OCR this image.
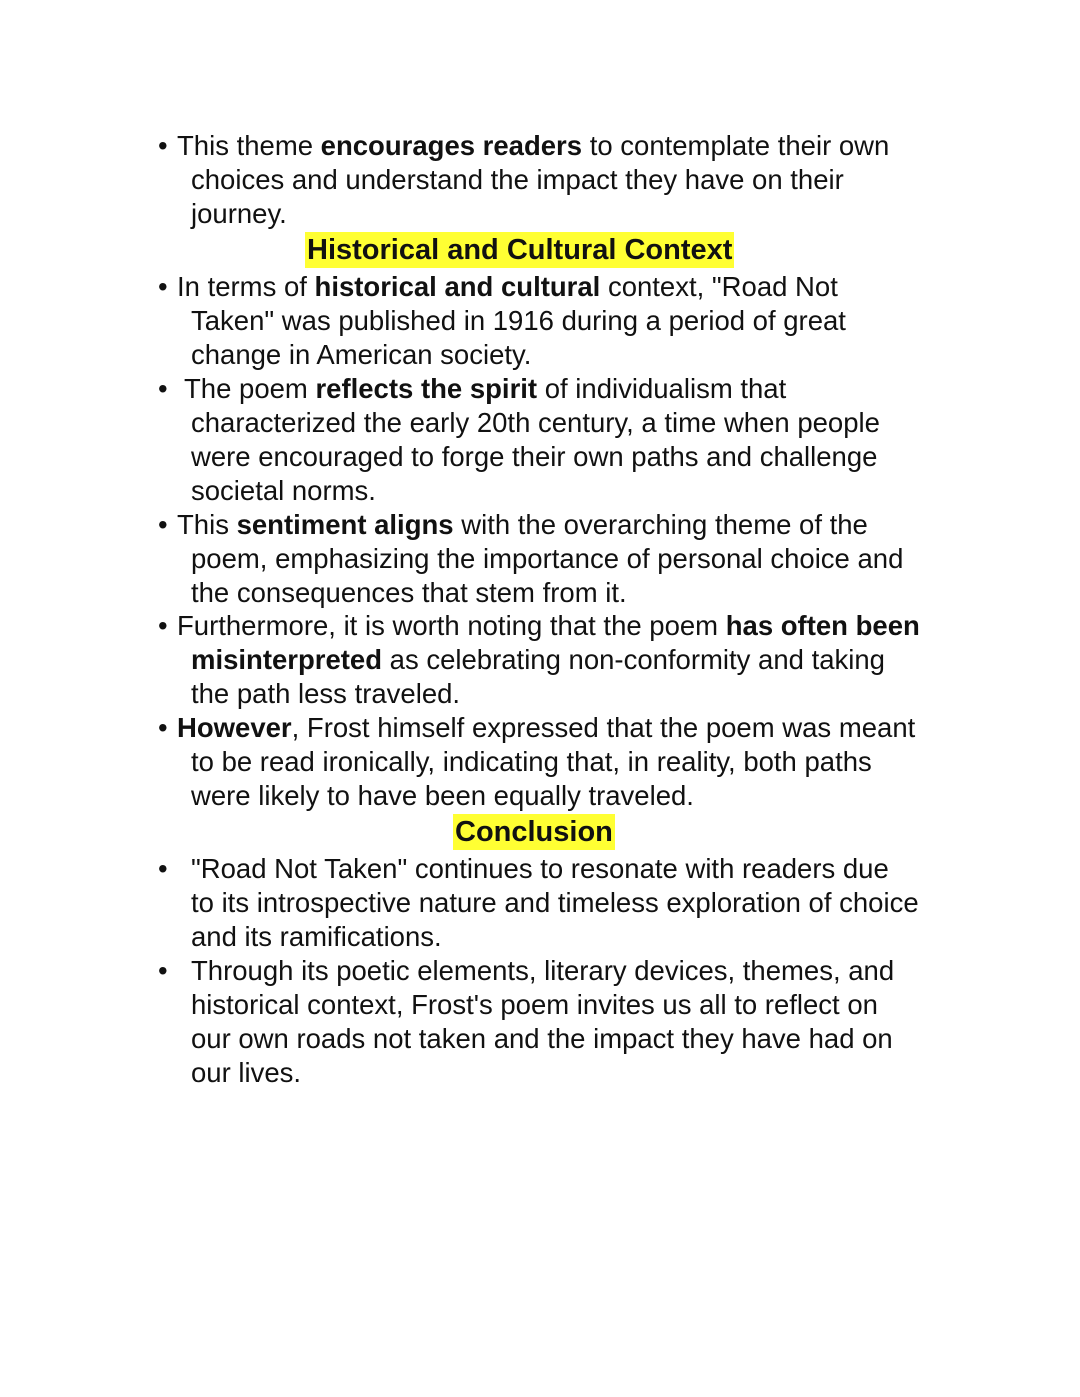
• This theme encourages readers to contemplate their own
choices and understand the impact they have on their
journey.
Historical and Cultural Context
• In terms of historical and cultural context, "Road Not
Taken" was published in 1916 during a period of great
change in American society.
• The poem reflects the spirit of individualism that
characterized the early 20th century, a time when people
were encouraged to forge their own paths and challenge
societal norms.
• This sentiment aligns with the overarching theme of the
poem, emphasizing the importance of personal choice and
the consequences that stem from it.
• Furthermore, it is worth noting that the poem has often been
misinterpreted as celebrating non-conformity and taking
the path less traveled.
• However, Frost himself expressed that the poem was meant
to be read ironically, indicating that, in reality, both paths
were likely to have been equally traveled.
Conclusion
• "Road Not Taken" continues to resonate with readers due
to its introspective nature and timeless exploration of choice
and its ramifications.
• Through its poetic elements, literary devices, themes, and
historical context, Frost's poem invites us all to reflect on
our own roads not taken and the impact they have had on
our lives.
